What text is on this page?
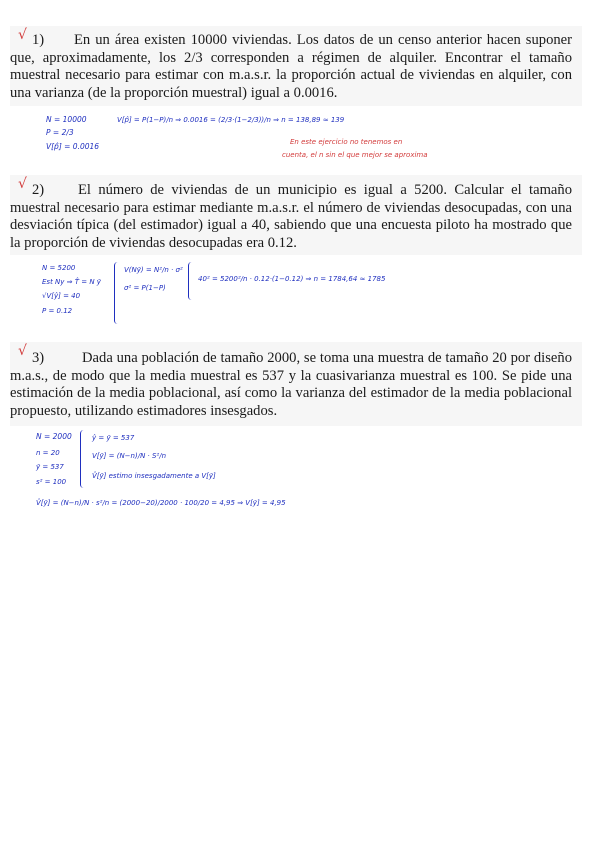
√ 1) En un área existen 10000 viviendas. Los datos de un censo anterior hacen suponer que, aproximadamente, los 2/3 corresponden a régimen de alquiler. Encontrar el tamaño muestral necesario para estimar con m.a.s.r. la proporción actual de viviendas en alquiler, con una varianza (de la proporción muestral) igual a 0.0016.
N = 10000
P = 2/3
V[p̂] = 0.0016
V[p̂] = P(1−P)/n ⇒ 0.0016 = (2/3·(1−2/3))/n ⇒ n = 138,89 ≈ 139
En este ejercicio no tenemos en
cuenta, el n sin el que mejor se aproxima
√ 2) El número de viviendas de un municipio es igual a 5200. Calcular el tamaño muestral necesario para estimar mediante m.a.s.r. el número de viviendas desocupadas, con una desviación típica (del estimador) igual a 40, sabiendo que una encuesta piloto ha mostrado que la proporción de viviendas desocupadas era 0.12.
N = 5200
Est Ny ⇒ T̂ = N ȳ
√V[ŷ] = 40
P = 0.12
V(Nȳ) = N²/n · σ²
σ² = P(1−P)
40² = 5200²/n · 0.12·(1−0.12) ⇒ n = 1784,64 ≈ 1785
√ 3)	Dada una población de tamaño 2000, se toma una muestra de tamaño 20 por diseño m.a.s., de modo que la media muestral es 537 y la cuasivarianza muestral es 100. Se pide una estimación de la media poblacional, así como la varianza del estimador de la media poblacional propuesto, utilizando estimadores insesgados.
N = 2000
n = 20
ȳ = 537
s² = 100
ŷ = ȳ = 537
V[ȳ] = (N−n)/N · S²/n
V̂[ȳ] estimo insesgadamente a V[ȳ]
V̂[ȳ] = (N−n)/N · s²/n = (2000−20)/2000 · 100/20 = 4,95 ⇒ V[ȳ] = 4,95
